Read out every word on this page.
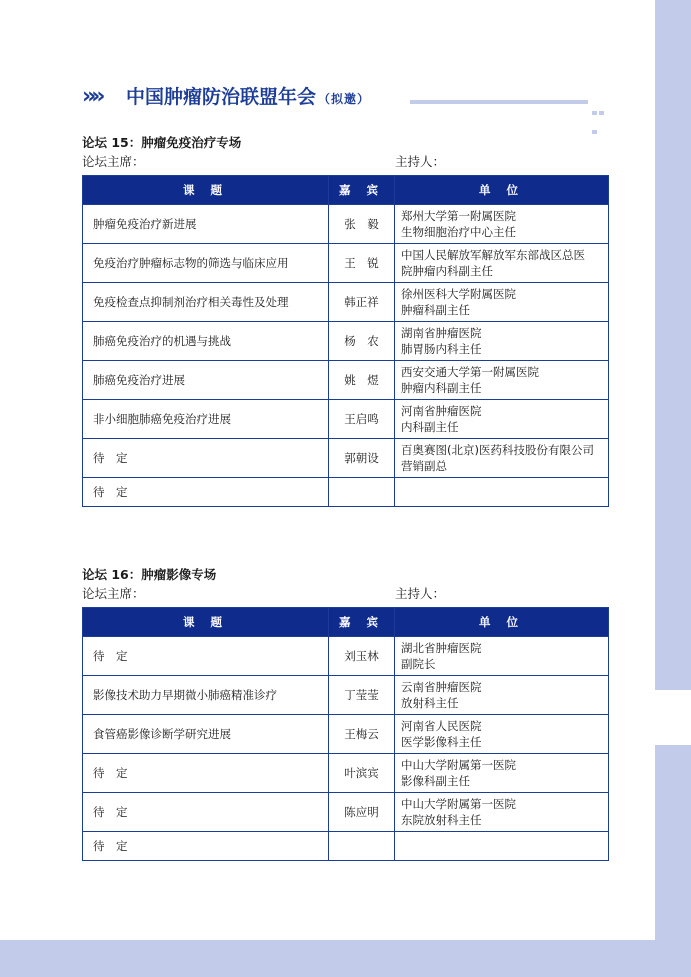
»» 中国肿瘤防治联盟年会 （拟邀）
论坛 15：肿瘤免疫治疗专场
论坛主席：	主持人：
课 题	嘉 宾	单 位
肿瘤免疫治疗新进展	张　毅	郑州大学第一附属医院
生物细胞治疗中心主任

免疫治疗肿瘤标志物的筛选与临床应用	王　锐	中国人民解放军解放军东部战区总医
院肿瘤内科副主任

免疫检查点抑制剂治疗相关毒性及处理	韩正祥	徐州医科大学附属医院
肿瘤科副主任

肺癌免疫治疗的机遇与挑战	杨　农	湖南省肿瘤医院
肺胃肠内科主任

肺癌免疫治疗进展	姚　煜	西安交通大学第一附属医院
肿瘤内科副主任

非小细胞肺癌免疫治疗进展	王启鸣	河南省肿瘤医院
内科副主任

待　定	郭朝设	百奥赛图(北京)医药科技股份有限公司
营销副总

待　定		
论坛 16：肿瘤影像专场
论坛主席：	主持人：
课 题	嘉 宾	单 位
待　定	刘玉林	湖北省肿瘤医院
副院长

影像技术助力早期微小肺癌精准诊疗	丁莹莹	云南省肿瘤医院
放射科主任

食管癌影像诊断学研究进展	王梅云	河南省人民医院
医学影像科主任

待　定	叶滨宾	中山大学附属第一医院
影像科副主任

待　定	陈应明	中山大学附属第一医院
东院放射科主任

待　定		
